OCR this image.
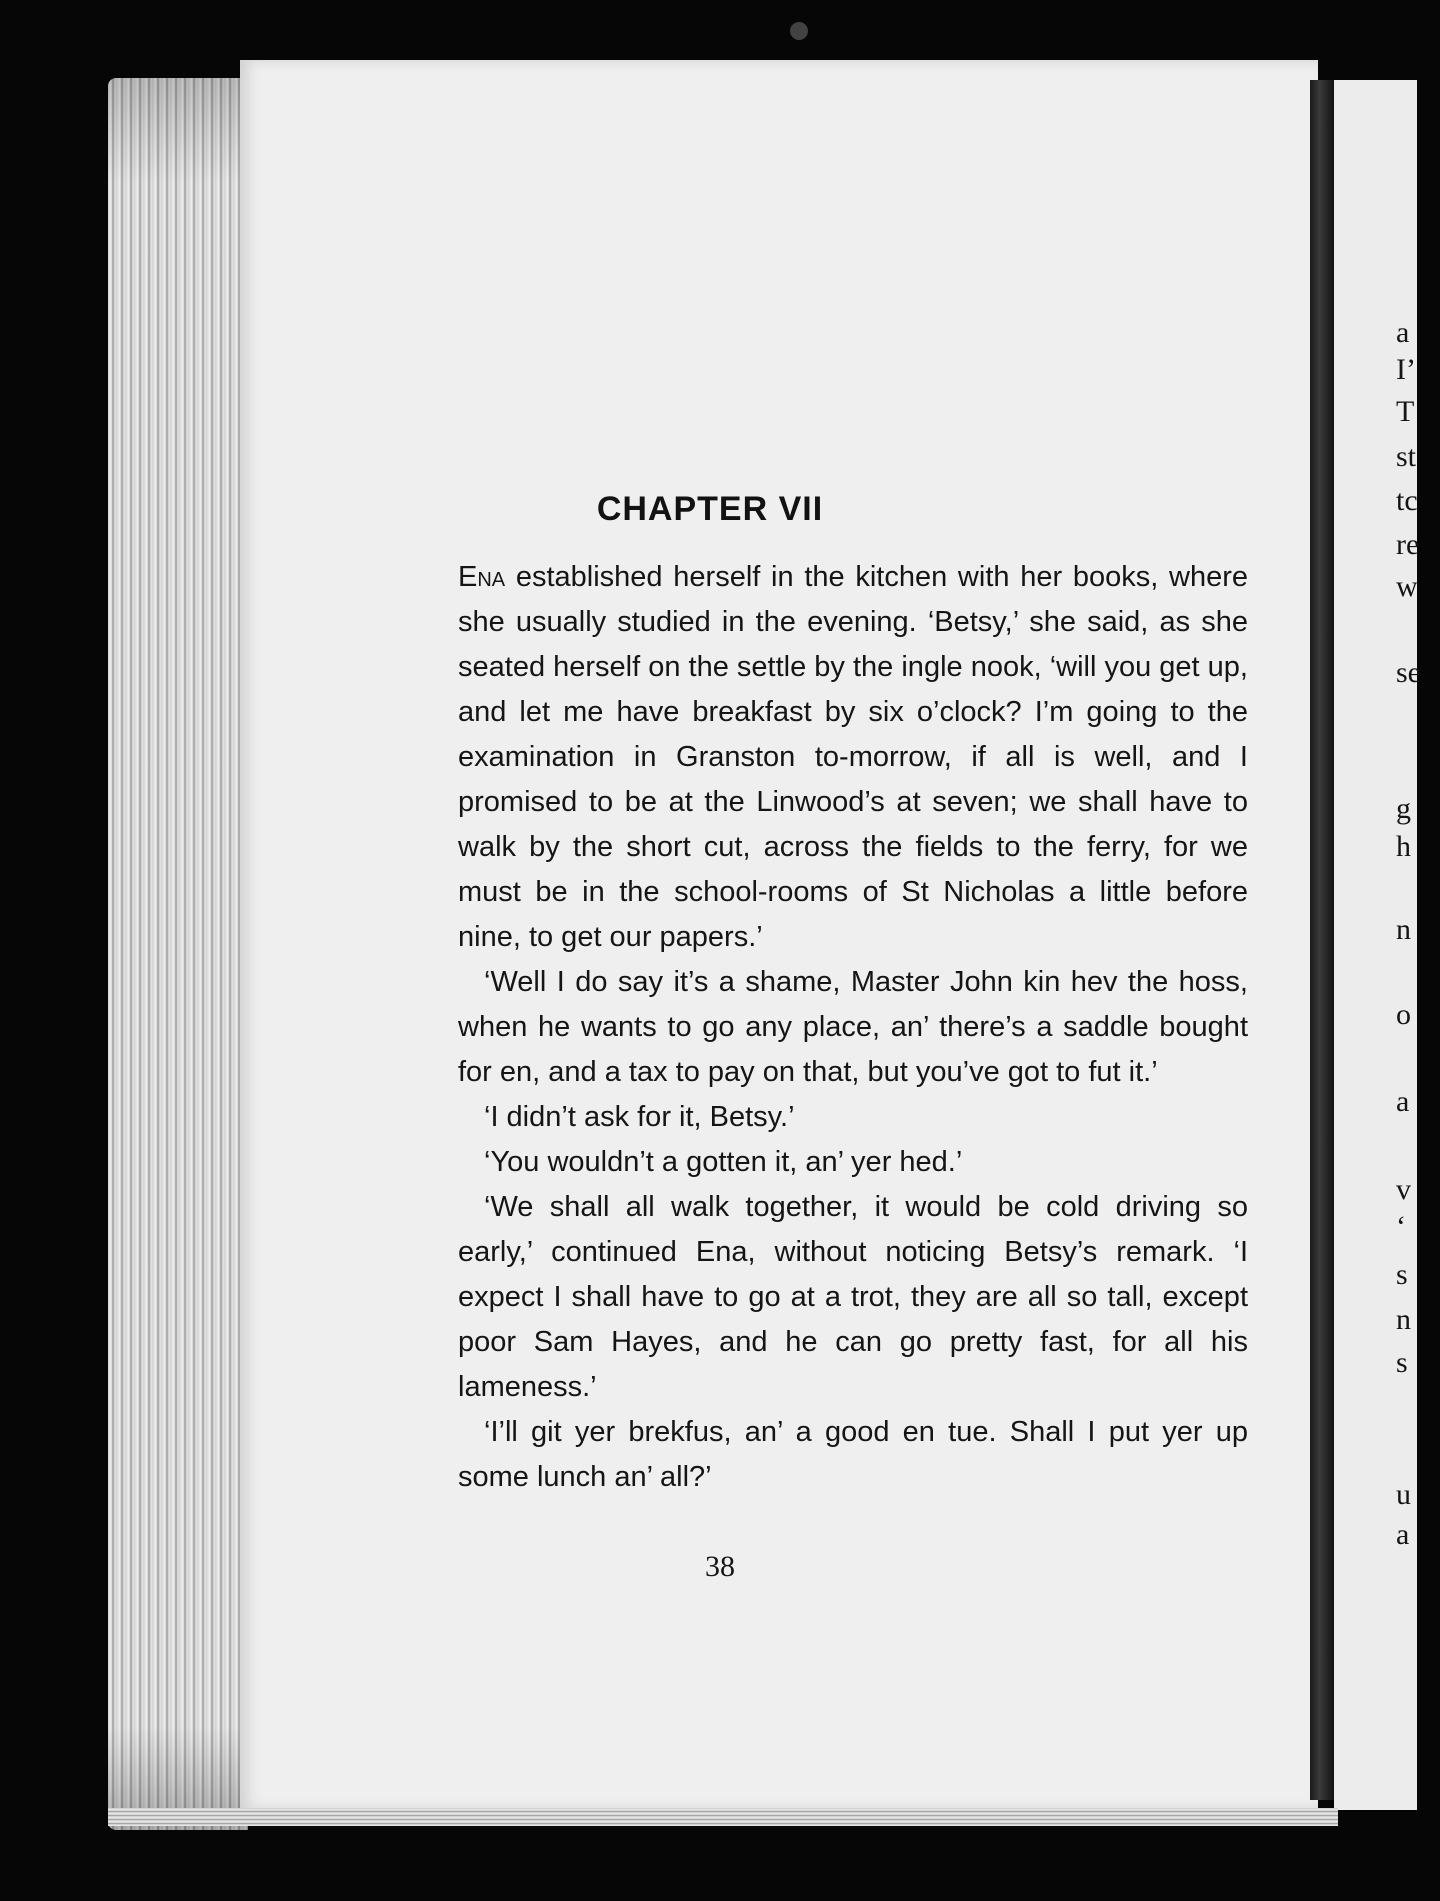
CHAPTER VII

Ena established herself in the kitchen with her books, where she usually studied in the evening. ‘Betsy,’ she said, as she seated herself on the settle by the ingle nook, ‘will you get up, and let me have breakfast by six o’clock? I’m going to the examination in Granston to-morrow, if all is well, and I promised to be at the Linwood’s at seven; we shall have to walk by the short cut, across the fields to the ferry, for we must be in the school-rooms of St Nicholas a little before nine, to get our papers.’

‘Well I do say it’s a shame, Master John kin hev the hoss, when he wants to go any place, an’ there’s a saddle bought for en, and a tax to pay on that, but you’ve got to fut it.’

‘I didn’t ask for it, Betsy.’

‘You wouldn’t a gotten it, an’ yer hed.’

‘We shall all walk together, it would be cold driving so early,’ continued Ena, without noticing Betsy’s remark. ‘I expect I shall have to go at a trot, they are all so tall, except poor Sam Hayes, and he can go pretty fast, for all his lameness.’

‘I’ll git yer brekfus, an’ a good en tue. Shall I put yer up some lunch an’ all?’

38
a
I’
T
st
tc
re
w
se
g
h
n
o
a
v
‘
s
n
s
u
a
